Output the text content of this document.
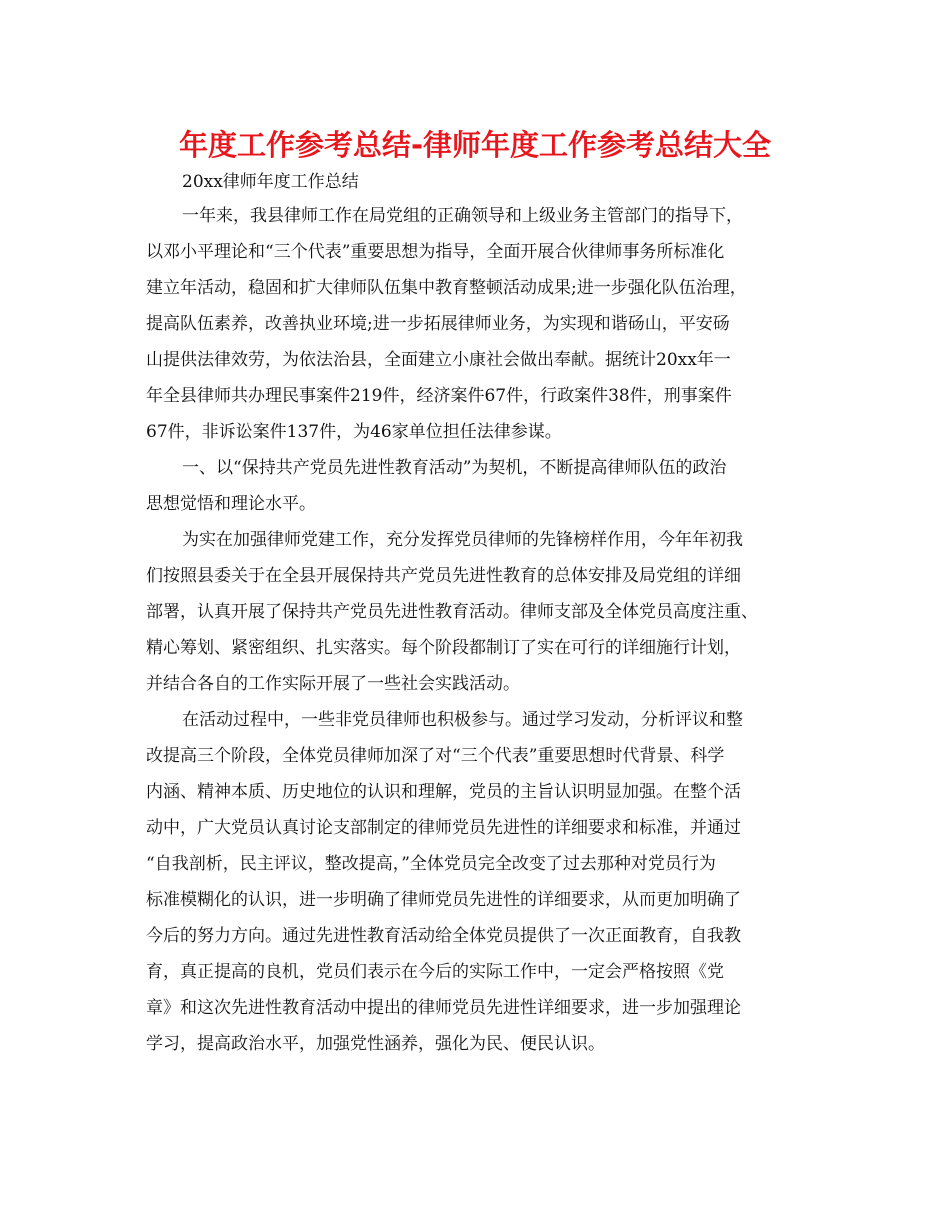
年度工作参考总结-律师年度工作参考总结大全
20xx律师年度工作总结
一年来，我县律师工作在局党组的正确领导和上级业务主管部门的指导下，
以邓小平理论和“三个代表”重要思想为指导，全面开展合伙律师事务所标准化
建立年活动，稳固和扩大律师队伍集中教育整顿活动成果;进一步强化队伍治理，
提高队伍素养，改善执业环境;进一步拓展律师业务，为实现和谐砀山，平安砀
山提供法律效劳，为依法治县，全面建立小康社会做出奉献。据统计20xx年一
年全县律师共办理民事案件219件，经济案件67件，行政案件38件，刑事案件
67件，非诉讼案件137件，为46家单位担任法律参谋。
一、以“保持共产党员先进性教育活动”为契机，不断提高律师队伍的政治
思想觉悟和理论水平。
为实在加强律师党建工作，充分发挥党员律师的先锋榜样作用，今年年初我
们按照县委关于在全县开展保持共产党员先进性教育的总体安排及局党组的详细
部署，认真开展了保持共产党员先进性教育活动。律师支部及全体党员高度注重、
精心筹划、紧密组织、扎实落实。每个阶段都制订了实在可行的详细施行计划，
并结合各自的工作实际开展了一些社会实践活动。
在活动过程中，一些非党员律师也积极参与。通过学习发动，分析评议和整
改提高三个阶段，全体党员律师加深了对“三个代表”重要思想时代背景、科学
内涵、精神本质、历史地位的认识和理解，党员的主旨认识明显加强。在整个活
动中，广大党员认真讨论支部制定的律师党员先进性的详细要求和标准，并通过
“自我剖析，民主评议，整改提高，”全体党员完全改变了过去那种对党员行为
标准模糊化的认识，进一步明确了律师党员先进性的详细要求，从而更加明确了
今后的努力方向。通过先进性教育活动给全体党员提供了一次正面教育，自我教
育，真正提高的良机，党员们表示在今后的实际工作中，一定会严格按照《党
章》和这次先进性教育活动中提出的律师党员先进性详细要求，进一步加强理论
学习，提高政治水平，加强党性涵养，强化为民、便民认识。
